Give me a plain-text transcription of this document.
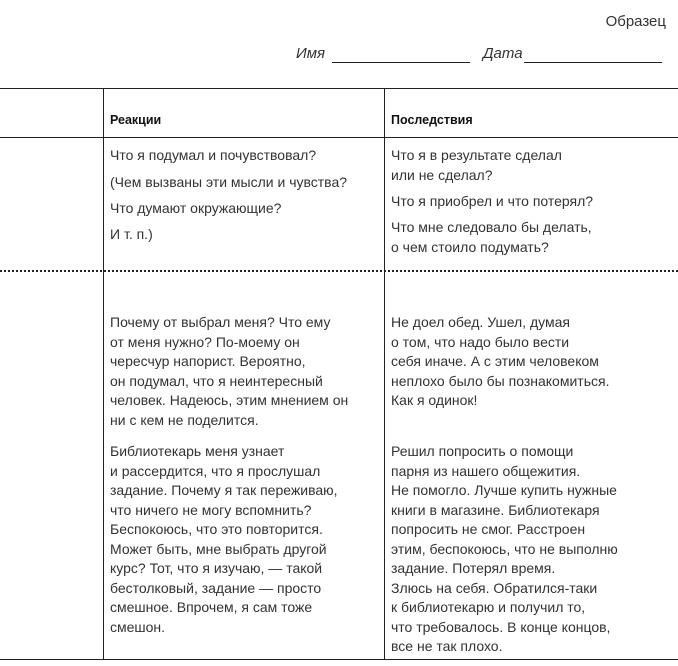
Образец
Имя	Дата
Реакции	Последствия
Что я подумал и почувствовал?
(Чем вызваны эти мысли и чувства?
Что думают окружающие?
И т. п.)
Что я в результате сделал
или не сделал?
Что я приобрел и что потерял?
Что мне следовало бы делать,
о чем стоило подумать?
Почему от выбрал меня? Что ему
от меня нужно? По-моему он
чересчур напорист. Вероятно,
он подумал, что я неинтересный
человек. Надеюсь, этим мнением он
ни с кем не поделится.
Не доел обед. Ушел, думая
о том, что надо было вести
себя иначе. А с этим человеком
неплохо было бы познакомиться.
Как я одинок!
Библиотекарь меня узнает
и рассердится, что я прослушал
задание. Почему я так переживаю,
что ничего не могу вспомнить?
Беспокоюсь, что это повторится.
Может быть, мне выбрать другой
курс? Тот, что я изучаю, — такой
бестолковый, задание — просто
смешное. Впрочем, я сам тоже
смешон.
Решил попросить о помощи
парня из нашего общежития.
Не помогло. Лучше купить нужные
книги в магазине. Библиотекаря
попросить не смог. Расстроен
этим, беспокоюсь, что не выполню
задание. Потерял время.
Злюсь на себя. Обратился-таки
к библиотекарю и получил то,
что требовалось. В конце концов,
все не так плохо.
